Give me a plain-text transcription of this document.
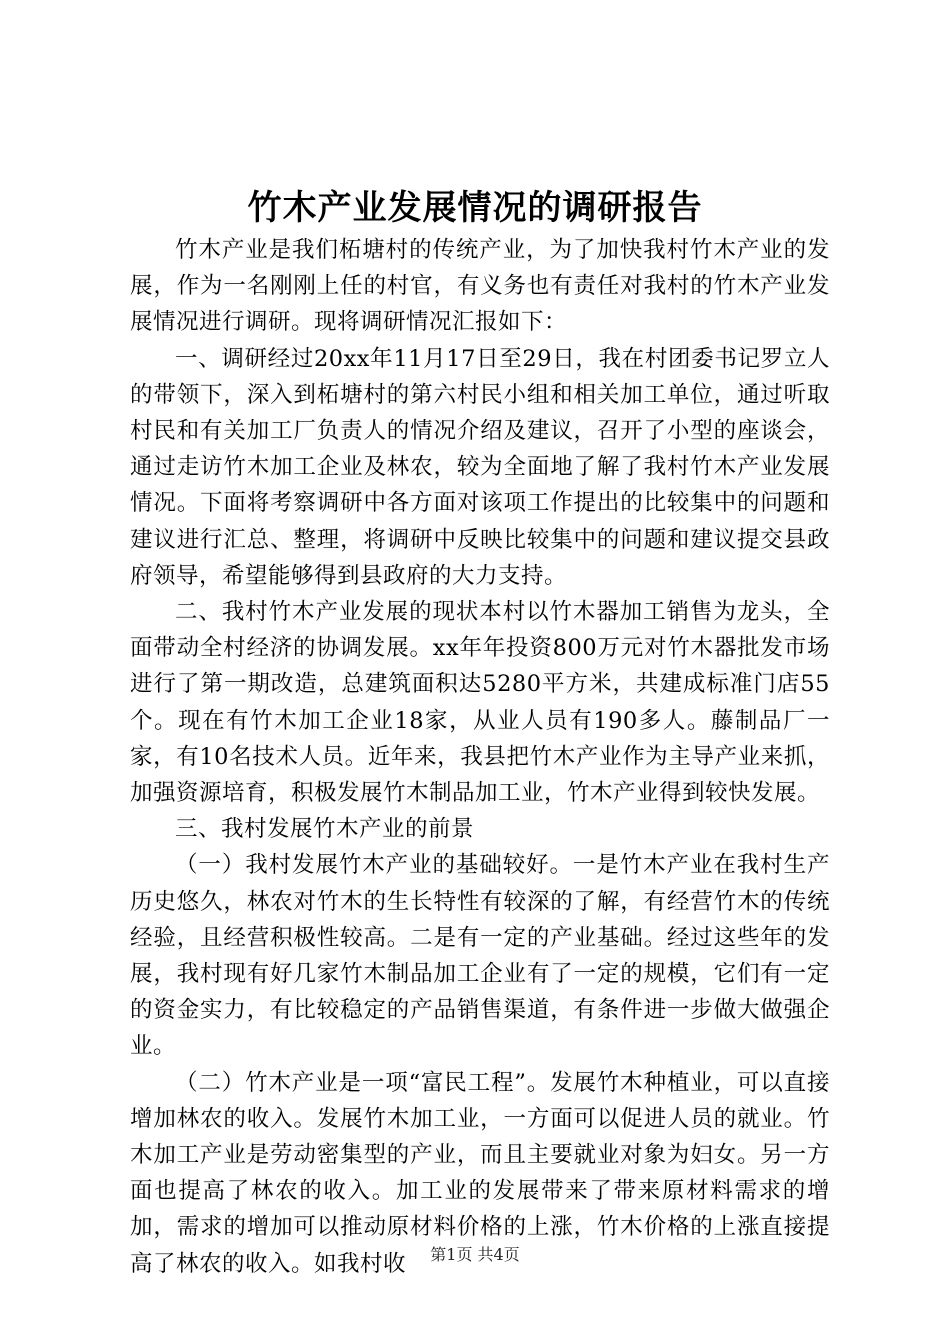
竹木产业发展情况的调研报告

竹木产业是我们柘塘村的传统产业，为了加快我村竹木产业的发展，作为一名刚刚上任的村官，有义务也有责任对我村的竹木产业发展情况进行调研。现将调研情况汇报如下：

一、调研经过20xx年11月17日至29日，我在村团委书记罗立人的带领下，深入到柘塘村的第六村民小组和相关加工单位，通过听取村民和有关加工厂负责人的情况介绍及建议，召开了小型的座谈会，通过走访竹木加工企业及林农，较为全面地了解了我村竹木产业发展情况。下面将考察调研中各方面对该项工作提出的比较集中的问题和建议进行汇总、整理，将调研中反映比较集中的问题和建议提交县政府领导，希望能够得到县政府的大力支持。

二、我村竹木产业发展的现状本村以竹木器加工销售为龙头，全面带动全村经济的协调发展。xx年年投资800万元对竹木器批发市场进行了第一期改造，总建筑面积达5280平方米，共建成标准门店55个。现在有竹木加工企业18家，从业人员有190多人。藤制品厂一家，有10名技术人员。近年来，我县把竹木产业作为主导产业来抓，加强资源培育，积极发展竹木制品加工业，竹木产业得到较快发展。

三、我村发展竹木产业的前景

（一）我村发展竹木产业的基础较好。一是竹木产业在我村生产历史悠久，林农对竹木的生长特性有较深的了解，有经营竹木的传统经验，且经营积极性较高。二是有一定的产业基础。经过这些年的发展，我村现有好几家竹木制品加工企业有了一定的规模，它们有一定的资金实力，有比较稳定的产品销售渠道，有条件进一步做大做强企业。

（二）竹木产业是一项“富民工程”。发展竹木种植业，可以直接增加林农的收入。发展竹木加工业，一方面可以促进人员的就业。竹木加工产业是劳动密集型的产业，而且主要就业对象为妇女。另一方面也提高了林农的收入。加工业的发展带来了带来原材料需求的增加，需求的增加可以推动原材料价格的上涨，竹木价格的上涨直接提高了林农的收入。如我村收	第1页 共4页
